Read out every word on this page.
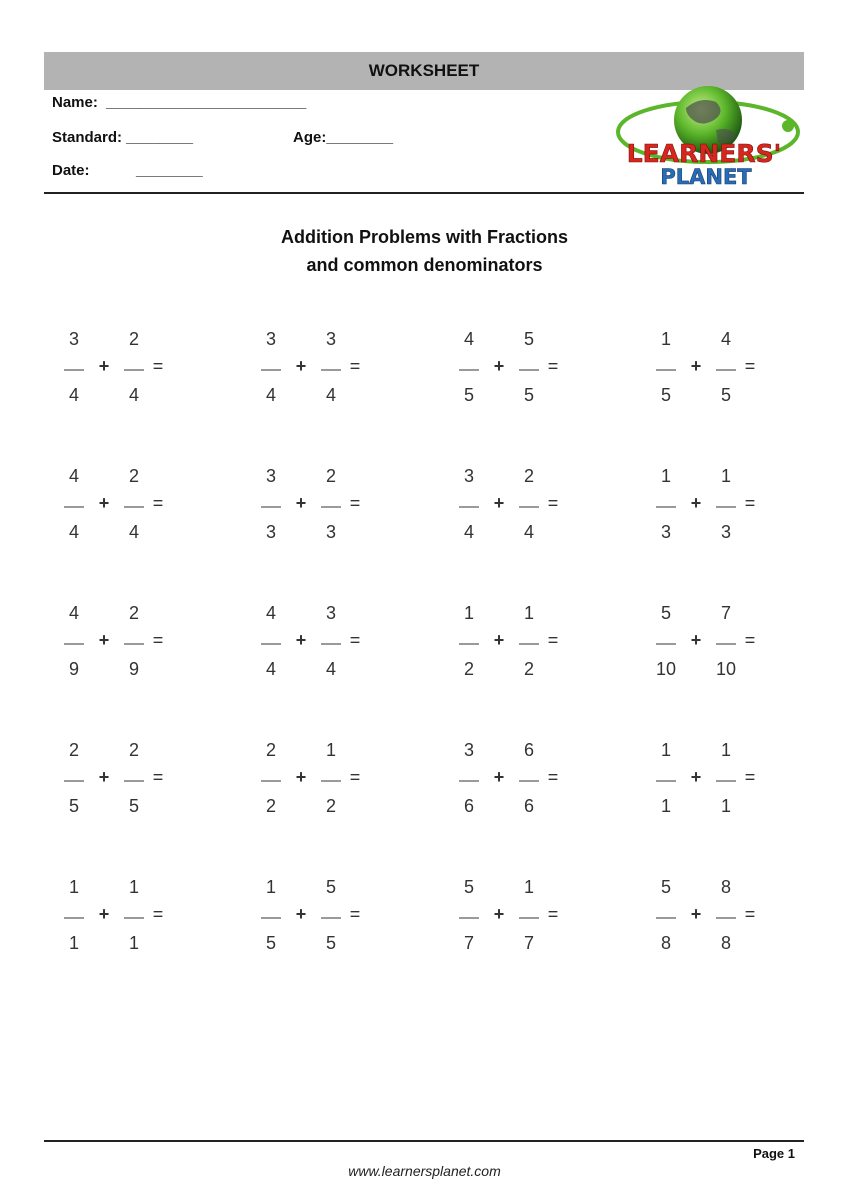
WORKSHEET
Name:  ________________________
Standard: ________	Age:________
Date:	________
LEARNERS'
PLANET
Addition Problems with Fractions
and common denominators
3
4
+
2
4
=
3
4
+
3
4
=
4
5
+
5
5
=
1
5
+
4
5
=
4
4
+
2
4
=
3
3
+
2
3
=
3
4
+
2
4
=
1
3
+
1
3
=
4
9
+
2
9
=
4
4
+
3
4
=
1
2
+
1
2
=
5
10
+
7
10
=
2
5
+
2
5
=
2
2
+
1
2
=
3
6
+
6
6
=
1
1
+
1
1
=
1
1
+
1
1
=
1
5
+
5
5
=
5
7
+
1
7
=
5
8
+
8
8
=
Page 1
www.learnersplanet.com
